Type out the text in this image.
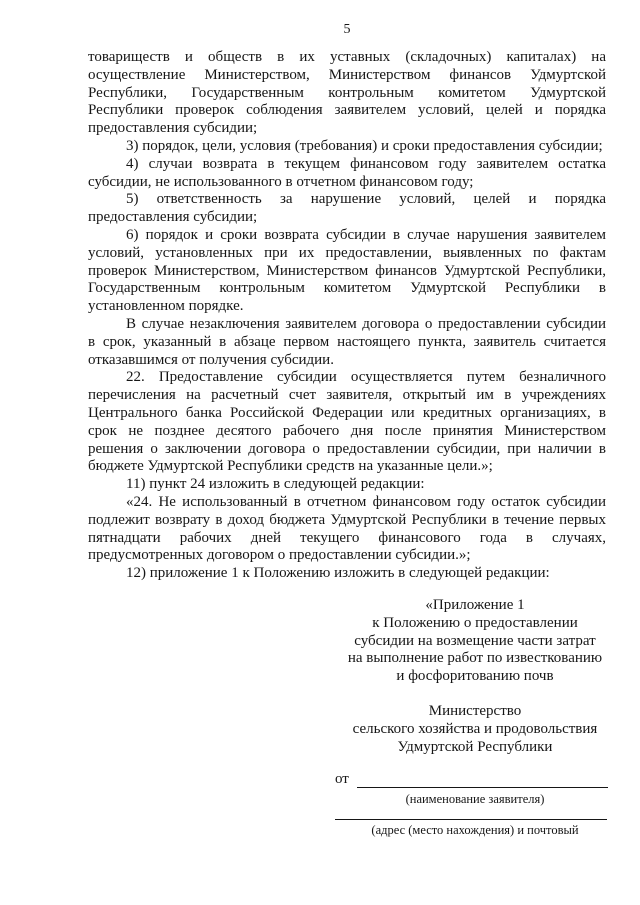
5
товариществ и обществ в их уставных (складочных) капиталах) на
осуществление Министерством, Министерством финансов Удмуртской
Республики, Государственным контрольным комитетом Удмуртской
Республики проверок соблюдения заявителем условий, целей и порядка
предоставления субсидии;
3) порядок, цели, условия (требования) и сроки предоставления субсидии;
4) случаи возврата в текущем финансовом году заявителем остатка
субсидии, не использованного в отчетном финансовом году;
5) ответственность за нарушение условий, целей и порядка
предоставления субсидии;
6) порядок и сроки возврата субсидии в случае нарушения заявителем
условий, установленных при их предоставлении, выявленных по фактам
проверок Министерством, Министерством финансов Удмуртской Республики,
Государственным контрольным комитетом Удмуртской Республики в
установленном порядке.
В случае незаключения заявителем договора о предоставлении субсидии
в срок, указанный в абзаце первом настоящего пункта, заявитель считается
отказавшимся от получения субсидии.
22. Предоставление субсидии осуществляется путем безналичного
перечисления на расчетный счет заявителя, открытый им в учреждениях
Центрального банка Российской Федерации или кредитных организациях, в
срок не позднее десятого рабочего дня после принятия Министерством
решения о заключении договора о предоставлении субсидии, при наличии в
бюджете Удмуртской Республики средств на указанные цели.»;
11) пункт 24 изложить в следующей редакции:
«24. Не использованный в отчетном финансовом году остаток субсидии
подлежит возврату в доход бюджета Удмуртской Республики в течение первых
пятнадцати рабочих дней текущего финансового года в случаях,
предусмотренных договором о предоставлении субсидии.»;
12) приложение 1 к Положению изложить в следующей редакции:
«Приложение 1
к Положению о предоставлении
субсидии на возмещение части затрат
на выполнение работ по известкованию
и фосфоритованию почв
Министерство
сельского хозяйства и продовольствия
Удмуртской Республики
от
(наименование заявителя)
(адрес (место нахождения) и почтовый
